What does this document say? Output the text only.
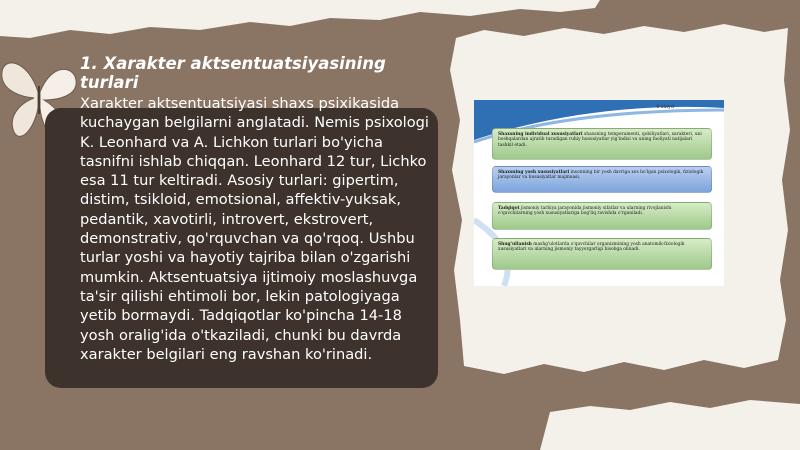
1. Xarakter aktsentuatsiyasining turlari

Xarakter aktsentuatsiyasi shaxs psixikasida kuchaygan belgilarni anglatadi. Nemis psixologi K. Leonhard va A. Lichkon turlari bo'yicha tasnifni ishlab chiqqan. Leonhard 12 tur, Lichko esa 11 tur keltiradi. Asosiy turlari: gipertim, distim, tsikloid, emotsional, affektiv-yuksak, pedantik, xavotirli, introvert, ekstrovert, demonstrativ, qo'rquvchan va qo'rqoq. Ushbu turlar yoshi va hayotiy tajriba bilan o'zgarishi mumkin. Aktsentuatsiya ijtimoiy moslashuvga ta'sir qilishi ehtimoli bor, lekin patologiyaga yetib bormaydi. Tadqiqotlar ko'pincha 14-18 yosh oralig'ida o'tkaziladi, chunki bu davrda xarakter belgilari eng ravshan ko'rinadi.

4-slayd
Shaxsning individual xususiyatlari shaxsning temperamenti, qobiliyatlari, xarakteri, uni boshqalardan ajratib turadigan ruhiy hususiyatlar yig'indisi va uning faoliyati natijalari tashkil etadi.
Shaxsning yosh xususiyatlari insonning bir yosh davriga xos bo'lgan psixologik, fiziologik jarayonlar va hususiyatlar majmuasi.
Tadqiqot jismoniy tarbiya jarayonida jismoniy sifatlar va ularning rivojlanishi o'quvchilarning yosh xususiyatlariga bog'liq ravishda o'rganiladi.
Shug'ullanish mashg'ulotlarda o'quvchilar organizmining yosh anatomik-fiziologik xususiyatlari va ularning jismoniy tayyorgarligi hisobga olinadi.
